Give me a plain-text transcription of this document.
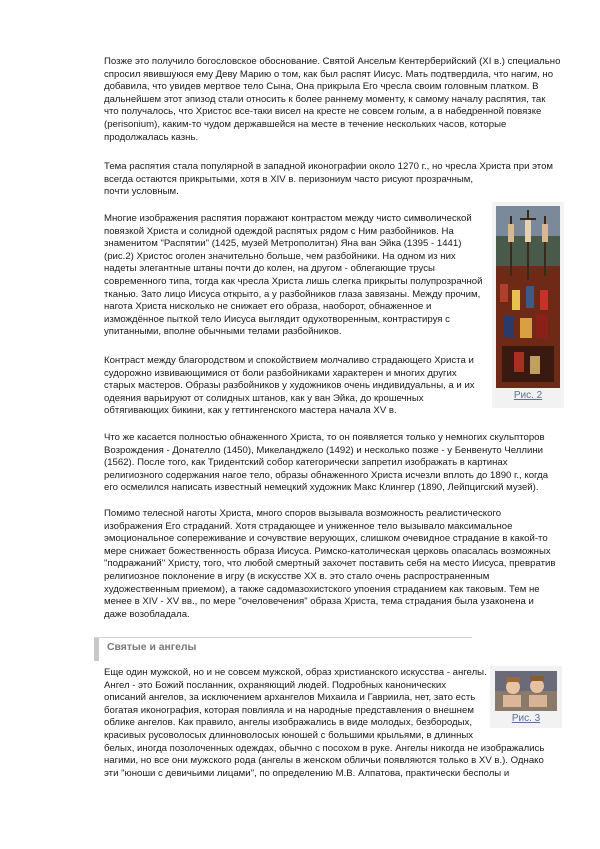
Позже это получило богословское обоснование. Святой Ансельм Кентерберийский (XI в.) специально
спросил явившуюся ему Деву Марию о том, как был распят Иисус. Мать подтвердила, что нагим, но
добавила, что увидев мертвое тело Сына, Она прикрыла Его чресла своим головным платком. В
дальнейшем этот эпизод стали относить к более раннему моменту, к самому началу распятия, так
что получалось, что Христос все-таки висел на кресте не совсем голым, а в набедренной повязке
(perisonium), каким-то чудом державшейся на месте в течение нескольких часов, которые
продолжалась казнь.
Тема распятия стала популярной в западной иконографии около 1270 г., но чресла Христа при этом
всегда остаются прикрытыми, хотя в XIV в. перизониум часто рисуют прозрачным,
почти условным.
Многие изображения распятия поражают контрастом между чисто символической
повязкой Христа и солидной одеждой распятых рядом с Ним разбойников. На
знаменитом "Распятии" (1425, музей Метрополитэн) Яна ван Эйка (1395 - 1441)
(рис.2) Христос оголен значительно больше, чем разбойники. На одном из них
надеты элегантные штаны почти до колен, на другом - облегающие трусы
современного типа, тогда как чресла Христа лишь слегка прикрыты полупрозрачной
тканью. Зато лицо Иисуса открыто, а у разбойников глаза завязаны. Между прочим,
нагота Христа нисколько не снижает его образа, наоборот, обнаженное и
измождённое пыткой тело Иисуса выглядит одухотворенным, контрастируя с
упитанными, вполне обычными телами разбойников.
Контраст между благородством и спокойствием молчаливо страдающего Христа и
судорожно извивающимися от боли разбойниками характерен и многих других
старых мастеров. Образы разбойников у художников очень индивидуальны, а и их
одеяния варьируют от солидных штанов, как у ван Эйка, до крошечных
обтягивающих бикини, как у геттингенского мастера начала XV в.
Что же касается полностью обнаженного Христа, то он появляется только у немногих скульпторов
Возрождения - Донателло (1450), Микеланджело (1492) и несколько позже - у Бенвенуто Челлини
(1562). После того, как Тридентский собор категорически запретил изображать в картинах
религиозного содержания нагое тело, образы обнаженного Христа исчезли вплоть до 1890 г., когда
его осмелился написать известный немецкий художник Макс Клингер (1890, Лейпцигский музей).
Помимо телесной наготы Христа, много споров вызывала возможность реалистического
изображения Его страданий. Хотя страдающее и униженное тело вызывало максимальное
эмоциональное сопереживание и сочувствие верующих, слишком очевидное страдание в какой-то
мере снижает божественность образа Иисуса. Римско-католическая церковь опасалась возможных
"подражаний" Христу, того, что любой смертный захочет поставить себя на место Иисуса, превратив
религиозное поклонение в игру (в искусстве XX в. это стало очень распространенным
художественным приемом), а также садомазохистского упоения страданием как таковым. Тем не
менее в XIV - XV вв., по мере "очеловечения" образа Христа, тема страдания была узаконена и
даже возобладала.
Святые и ангелы
Еще один мужской, но и не совсем мужской, образ христианского искусства - ангелы.
Ангел - это Божий посланник, охраняющий людей. Подробных канонических
описаний ангелов, за исключением архангелов Михаила и Гавриила, нет, зато есть
богатая иконография, которая повлияла и на народные представления о внешнем
облике ангелов. Как правило, ангелы изображались в виде молодых, безбородых,
красивых русоволосых длинноволосых юношей с большими крыльями, в длинных
белых, иногда позолоченных одеждах, обычно с посохом в руке. Ангелы никогда не изображались
нагими, но все они мужского рода (ангелы в женском обличьи появляются только в XV в.). Однако
эти "юноши с девичьими лицами", по определению М.В. Алпатова, практически бесполы и
Рис. 2
Рис. 3
